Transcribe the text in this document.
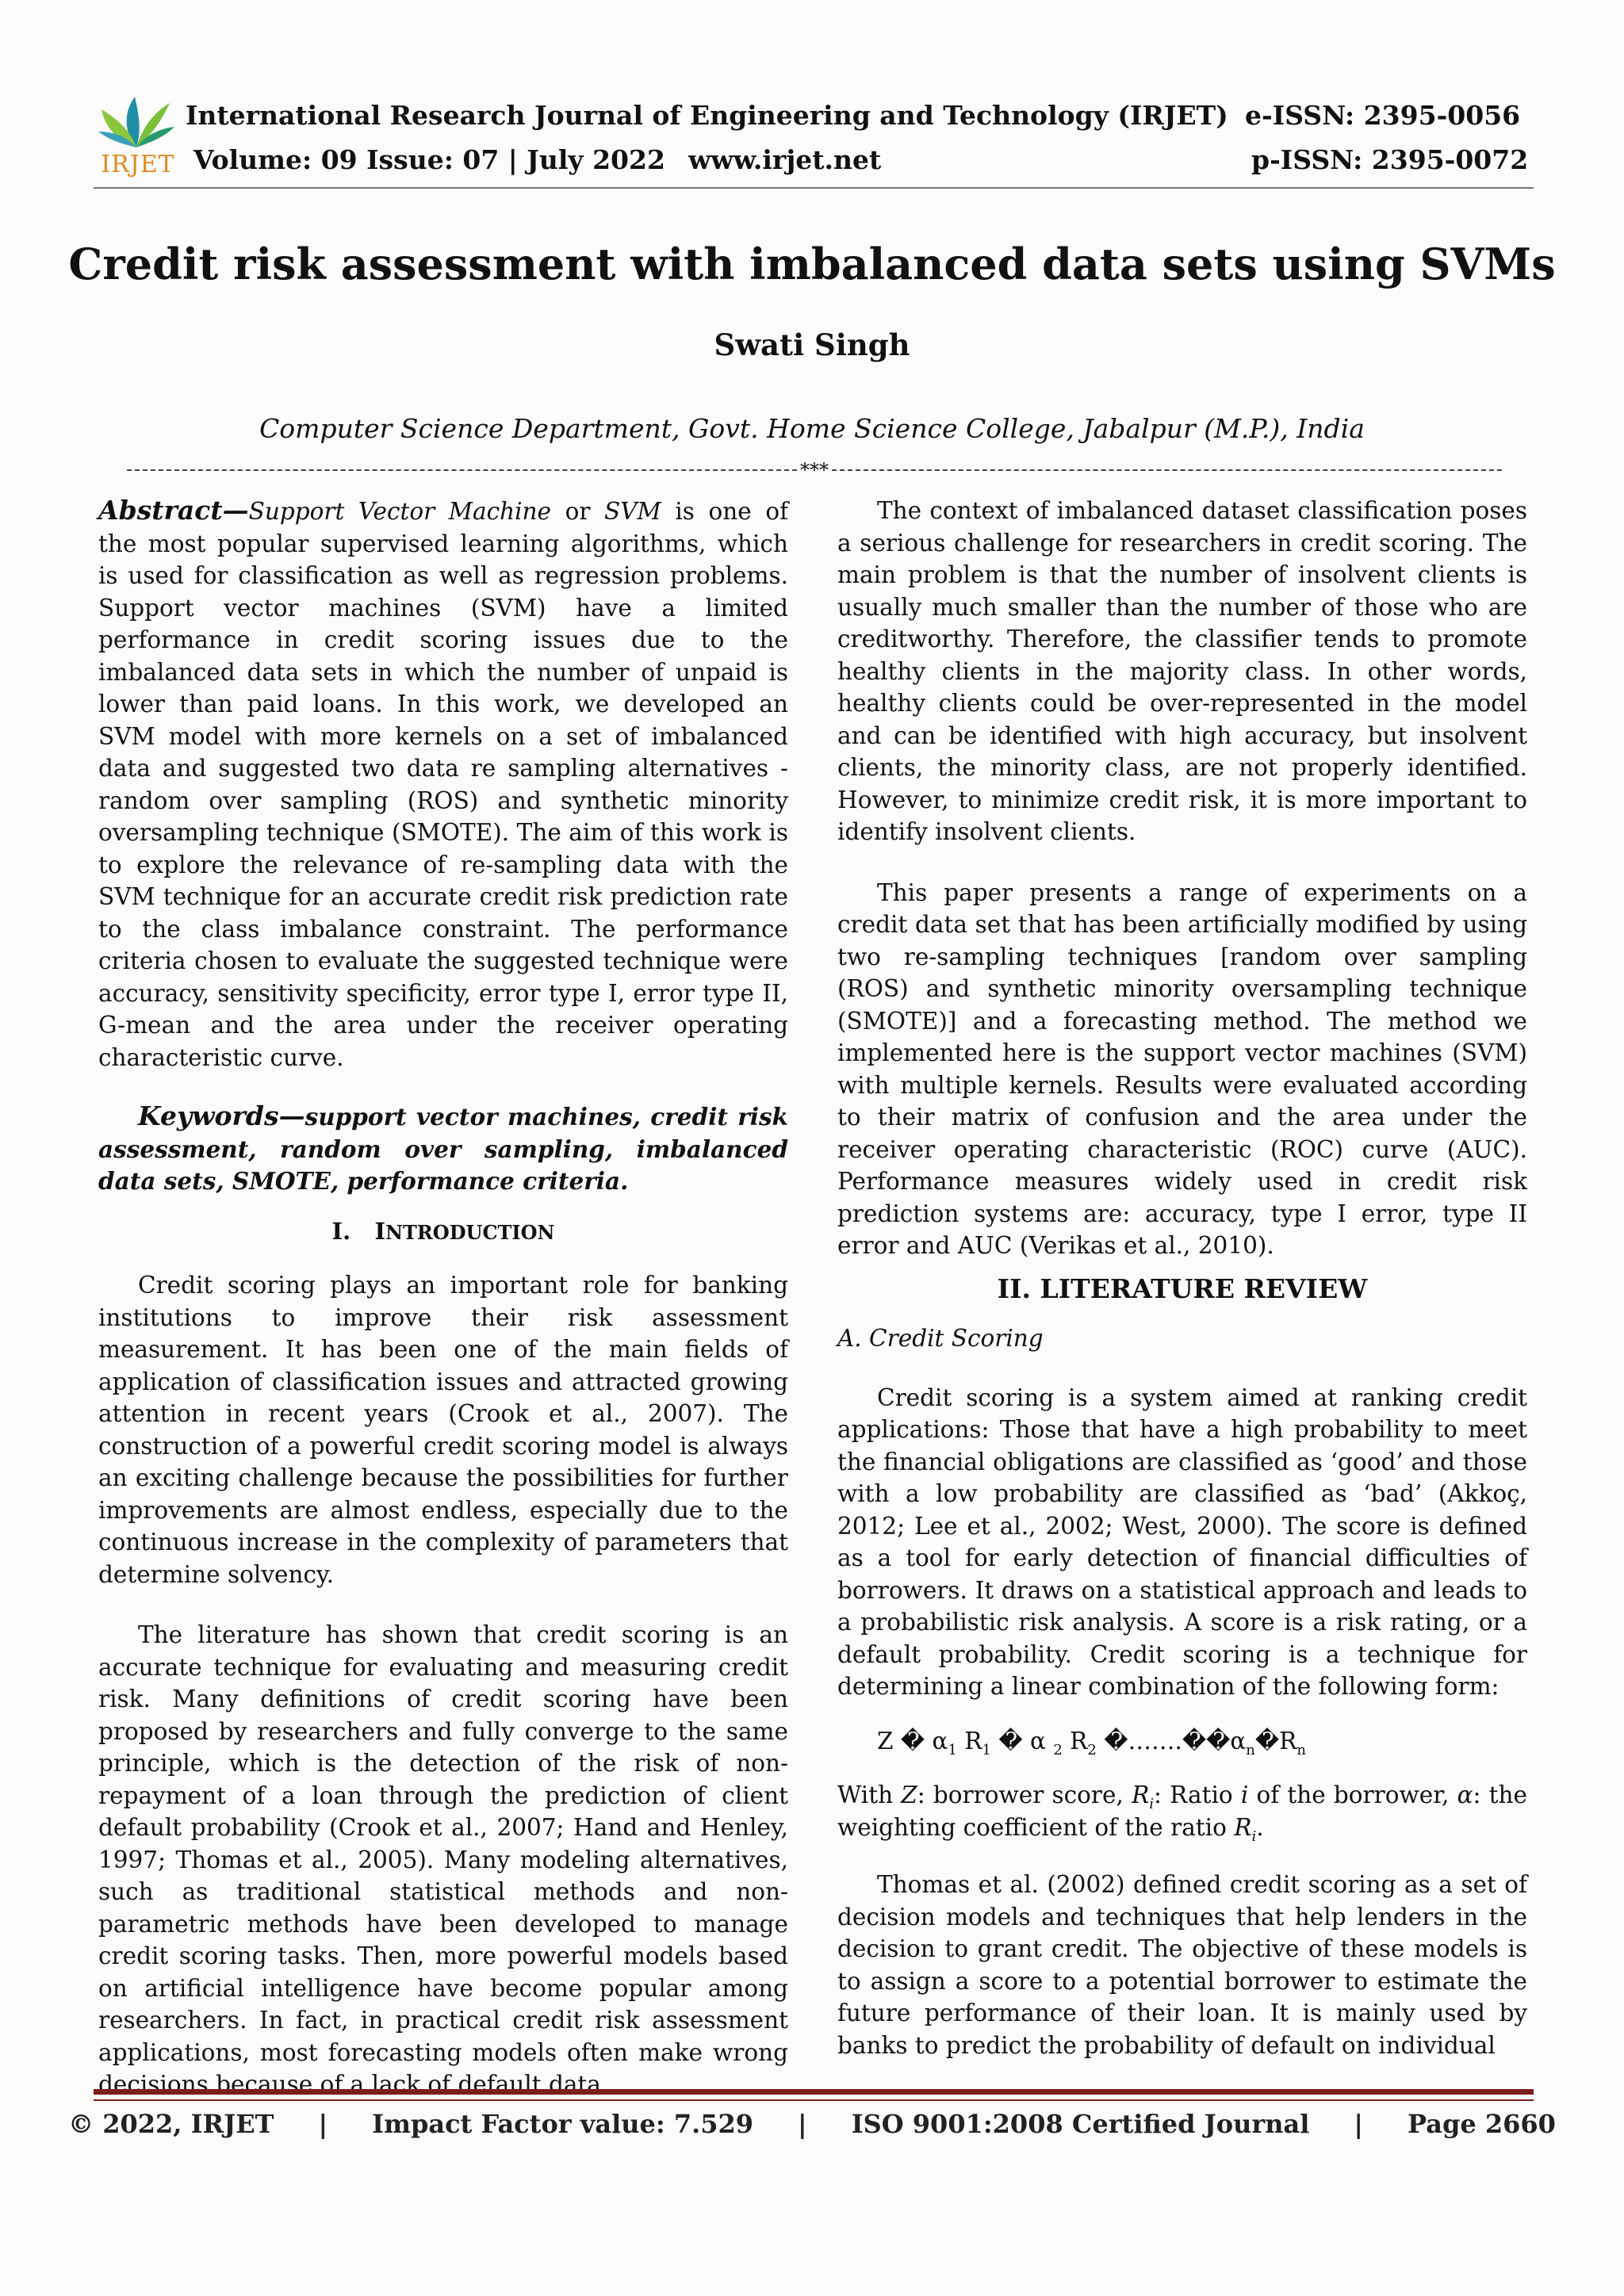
IRJET
International Research Journal of Engineering and Technology (IRJET) e-ISSN: 2395-0056
Volume: 09 Issue: 07 | July 2022 www.irjet.net	p-ISSN: 2395-0072
Credit risk assessment with imbalanced data sets using SVMs
Swati Singh
Computer Science Department, Govt. Home Science College, Jabalpur (M.P.), India
***

Abstract—Support Vector Machine or SVM is one of the most popular supervised learning algorithms, which is used for classification as well as regression problems. Support vector machines (SVM) have a limited performance in credit scoring issues due to the imbalanced data sets in which the number of unpaid is lower than paid loans. In this work, we developed an SVM model with more kernels on a set of imbalanced data and suggested two data re sampling alternatives - random over sampling (ROS) and synthetic minority oversampling technique (SMOTE). The aim of this work is to explore the relevance of re-sampling data with the SVM technique for an accurate credit risk prediction rate to the class imbalance constraint. The performance criteria chosen to evaluate the suggested technique were accuracy, sensitivity specificity, error type I, error type II, G-mean and the area under the receiver operating characteristic curve.

Keywords—support vector machines, credit risk assessment, random over sampling, imbalanced data sets, SMOTE, performance criteria.

I. INTRODUCTION

Credit scoring plays an important role for banking institutions to improve their risk assessment measurement. It has been one of the main fields of application of classification issues and attracted growing attention in recent years (Crook et al., 2007). The construction of a powerful credit scoring model is always an exciting challenge because the possibilities for further improvements are almost endless, especially due to the continuous increase in the complexity of parameters that determine solvency.

The literature has shown that credit scoring is an accurate technique for evaluating and measuring credit risk. Many definitions of credit scoring have been proposed by researchers and fully converge to the same principle, which is the detection of the risk of non-repayment of a loan through the prediction of client default probability (Crook et al., 2007; Hand and Henley, 1997; Thomas et al., 2005). Many modeling alternatives, such as traditional statistical methods and non-parametric methods have been developed to manage credit scoring tasks. Then, more powerful models based on artificial intelligence have become popular among researchers. In fact, in practical credit risk assessment applications, most forecasting models often make wrong decisions because of a lack of default data.

The context of imbalanced dataset classification poses a serious challenge for researchers in credit scoring. The main problem is that the number of insolvent clients is usually much smaller than the number of those who are creditworthy. Therefore, the classifier tends to promote healthy clients in the majority class. In other words, healthy clients could be over-represented in the model and can be identified with high accuracy, but insolvent clients, the minority class, are not properly identified. However, to minimize credit risk, it is more important to identify insolvent clients.

This paper presents a range of experiments on a credit data set that has been artificially modified by using two re-sampling techniques [random over sampling (ROS) and synthetic minority oversampling technique (SMOTE)] and a forecasting method. The method we implemented here is the support vector machines (SVM) with multiple kernels. Results were evaluated according to their matrix of confusion and the area under the receiver operating characteristic (ROC) curve (AUC). Performance measures widely used in credit risk prediction systems are: accuracy, type I error, type II error and AUC (Verikas et al., 2010).

II. LITERATURE REVIEW
A. Credit Scoring

Credit scoring is a system aimed at ranking credit applications: Those that have a high probability to meet the financial obligations are classified as ‘good’ and those with a low probability are classified as ‘bad’ (Akkoç, 2012; Lee et al., 2002; West, 2000). The score is defined as a tool for early detection of financial difficulties of borrowers. It draws on a statistical approach and leads to a probabilistic risk analysis. A score is a risk rating, or a default probability. Credit scoring is a technique for determining a linear combination of the following form:

Z � $\alpha_1$ $R_1$ � α $_2$ $R_2$ $�\dots\dots.��\alpha_n�R_n$

With Z: borrower score, $R_i$: Ratio i of the borrower, α: the weighting coefficient of the ratio $R_i$.

Thomas et al. (2002) defined credit scoring as a set of decision models and techniques that help lenders in the decision to grant credit. The objective of these models is to assign a score to a potential borrower to estimate the future performance of their loan. It is mainly used by banks to predict the probability of default on individual

© 2022, IRJET	|	Impact Factor value: 7.529	|	ISO 9001:2008 Certified Journal	|	Page 2660
